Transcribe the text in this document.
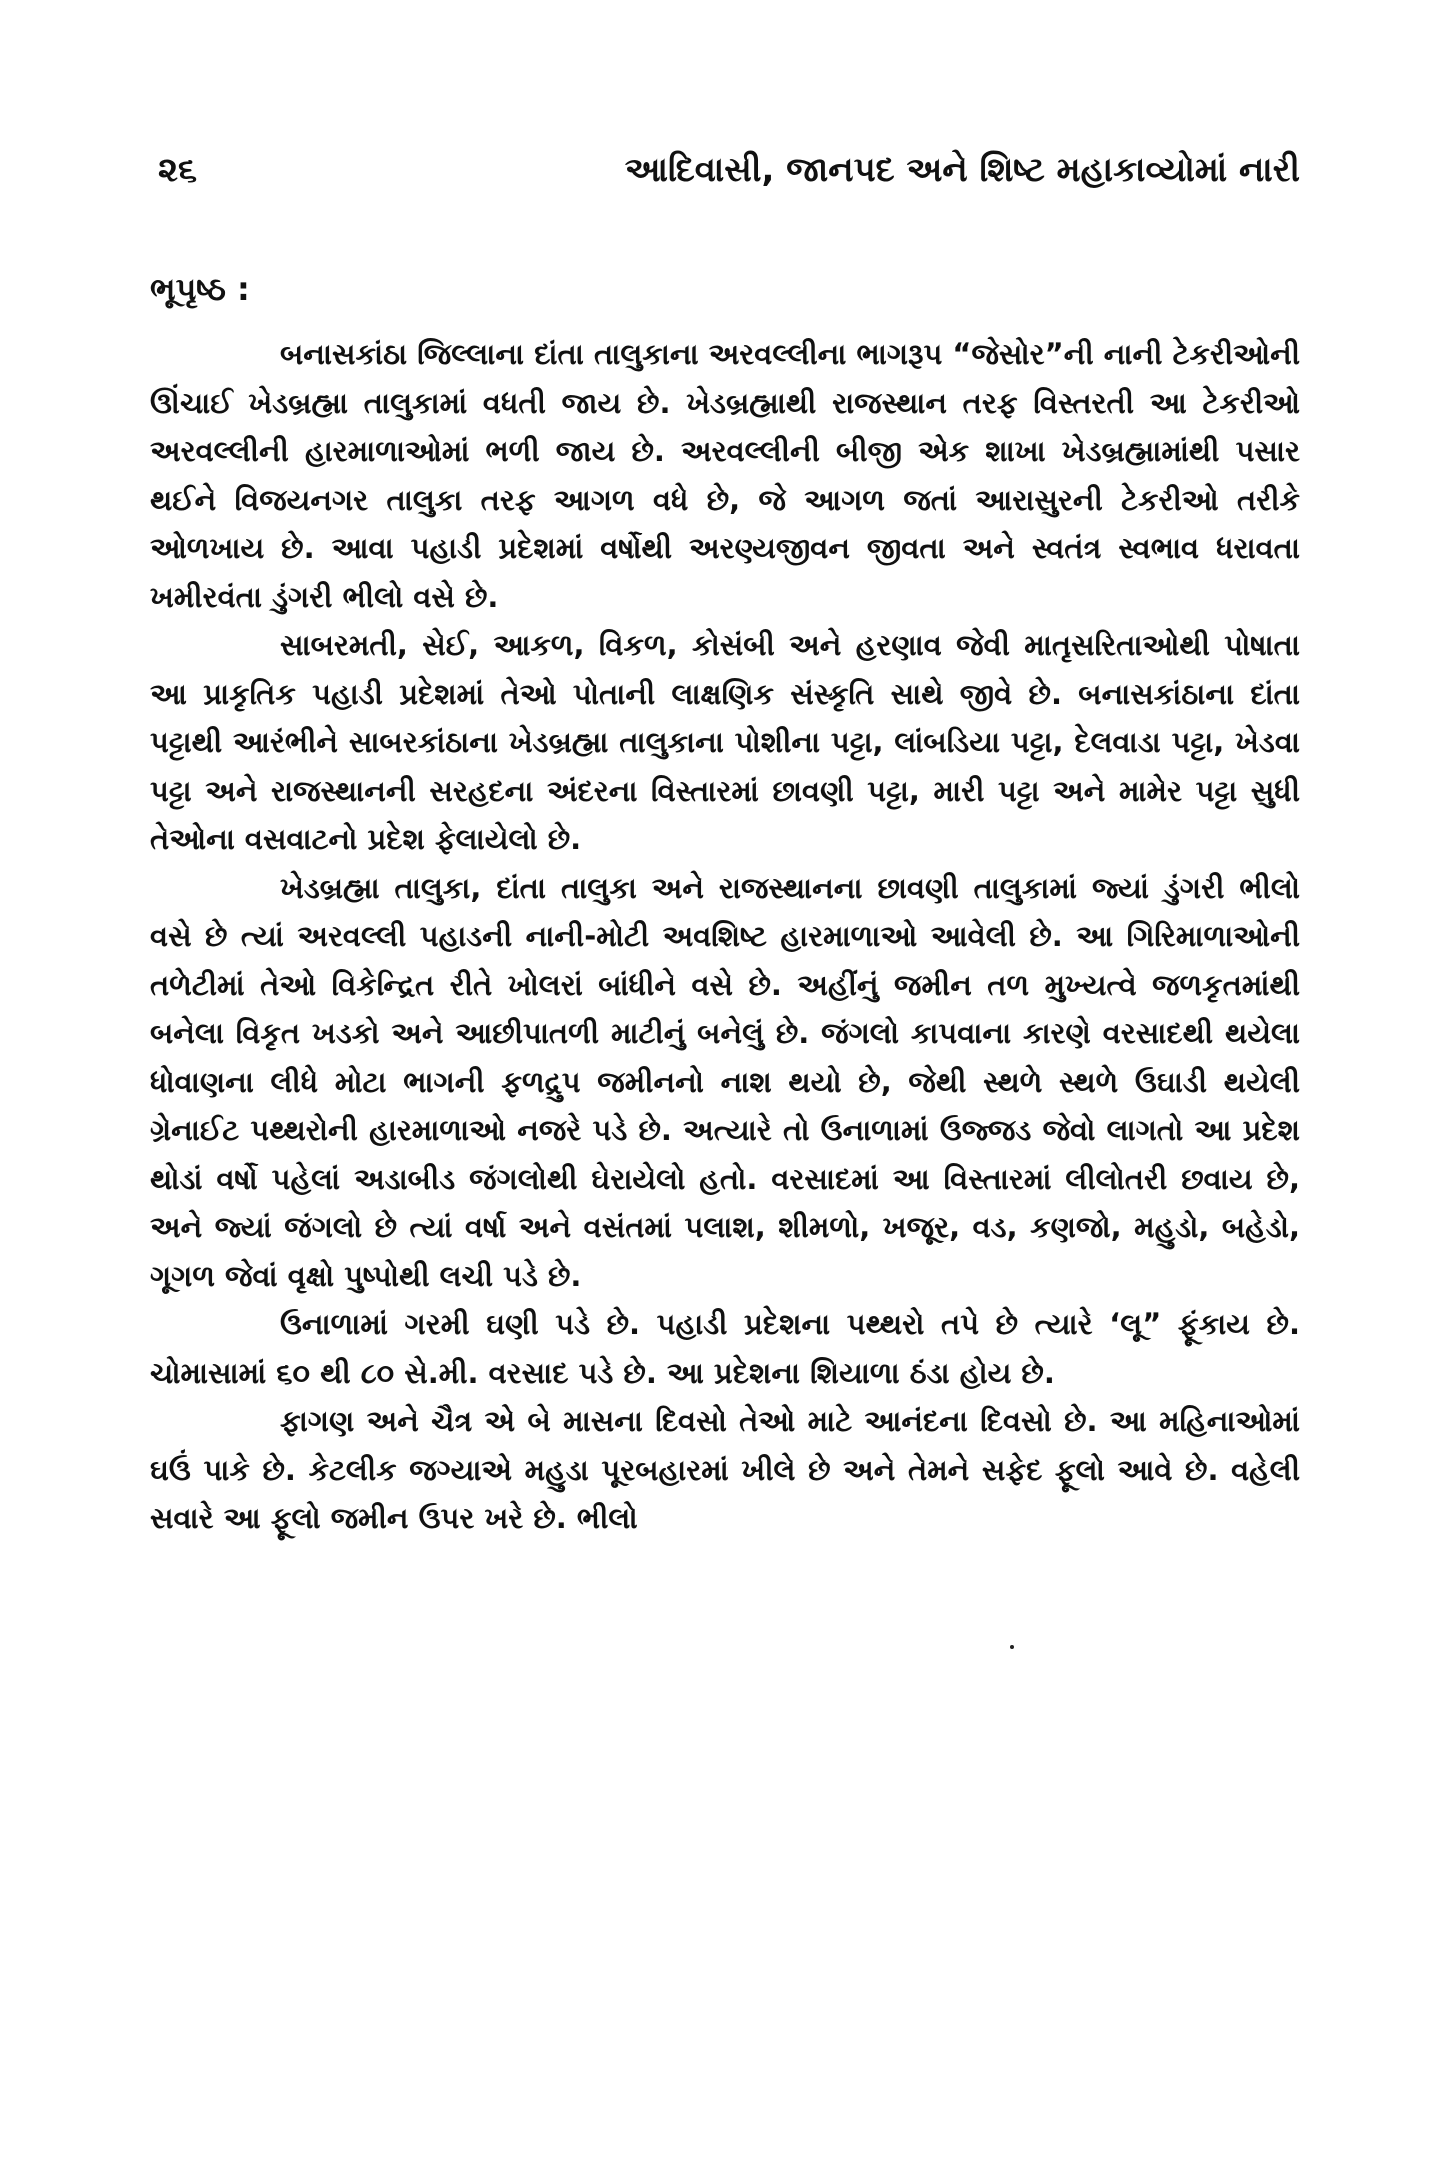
૨૬	આદિવાસી, જાનપદ અને શિષ્ટ મહાકાવ્યોમાં નારી
ભૂપૃષ્ઠ :

બનાસકાંઠા જિલ્લાના દાંતા તાલુકાના અરવલ્લીના ભાગરૂપ “જેસોર”ની નાની ટેકરીઓની ઊંચાઈ ખેડબ્રહ્મા તાલુકામાં વધતી જાય છે. ખેડબ્રહ્માથી રાજસ્થાન તરફ વિસ્તરતી આ ટેકરીઓ અરવલ્લીની હારમાળાઓમાં ભળી જાય છે. અરવલ્લીની બીજી એક શાખા ખેડબ્રહ્મામાંથી પસાર થઈને વિજયનગર તાલુકા તરફ આગળ વધે છે, જે આગળ જતાં આરાસુરની ટેકરીઓ તરીકે ઓળખાય છે. આવા પહાડી પ્રદેશમાં વર્ષોથી અરણ્યજીવન જીવતા અને સ્વતંત્ર સ્વભાવ ધરાવતા ખમીરવંતા ડુંગરી ભીલો વસે છે.

સાબરમતી, સેઈ, આકળ, વિકળ, કોસંબી અને હરણાવ જેવી માતૃસરિતાઓથી પોષાતા આ પ્રાકૃતિક પહાડી પ્રદેશમાં તેઓ પોતાની લાક્ષણિક સંસ્કૃતિ સાથે જીવે છે. બનાસકાંઠાના દાંતા પટ્ટાથી આરંભીને સાબરકાંઠાના ખેડબ્રહ્મા તાલુકાના પોશીના પટ્ટા, લાંબડિયા પટ્ટા, દેલવાડા પટ્ટા, ખેડવા પટ્ટા અને રાજસ્થાનની સરહદના અંદરના વિસ્તારમાં છાવણી પટ્ટા, મારી પટ્ટા અને મામેર પટ્ટા સુધી તેઓના વસવાટનો પ્રદેશ ફેલાયેલો છે.

ખેડબ્રહ્મા તાલુકા, દાંતા તાલુકા અને રાજસ્થાનના છાવણી તાલુકામાં જ્યાં ડુંગરી ભીલો વસે છે ત્યાં અરવલ્લી પહાડની નાની-મોટી અવશિષ્ટ હારમાળાઓ આવેલી છે. આ ગિરિમાળાઓની તળેટીમાં તેઓ વિકેન્દ્રિત રીતે ખોલરાં બાંધીને વસે છે. અહીંનું જમીન તળ મુખ્યત્વે જળકૃતમાંથી બનેલા વિકૃત ખડકો અને આછીપાતળી માટીનું બનેલું છે. જંગલો કાપવાના કારણે વરસાદથી થયેલા ધોવાણના લીધે મોટા ભાગની ફળદ્રુપ જમીનનો નાશ થયો છે, જેથી સ્થળે સ્થળે ઉઘાડી થયેલી ગ્રેનાઈટ પથ્થરોની હારમાળાઓ નજરે પડે છે. અત્યારે તો ઉનાળામાં ઉજ્જડ જેવો લાગતો આ પ્રદેશ થોડાં વર્ષો પહેલાં અડાબીડ જંગલોથી ઘેરાયેલો હતો. વરસાદમાં આ વિસ્તારમાં લીલોતરી છવાય છે, અને જ્યાં જંગલો છે ત્યાં વર્ષા અને વસંતમાં પલાશ, શીમળો, ખજૂર, વડ, કણજો, મહુડો, બહેડો, ગૂગળ જેવાં વૃક્ષો પુષ્પોથી લચી પડે છે.

ઉનાળામાં ગરમી ઘણી પડે છે. પહાડી પ્રદેશના પથ્થરો તપે છે ત્યારે ‘લૂ” ફૂંકાય છે. ચોમાસામાં ૬૦ થી ૮૦ સે.મી. વરસાદ પડે છે. આ પ્રદેશના શિયાળા ઠંડા હોય છે.

ફાગણ અને ચૈત્ર એ બે માસના દિવસો તેઓ માટે આનંદના દિવસો છે. આ મહિનાઓમાં ઘઉં પાકે છે. કેટલીક જગ્યાએ મહુડા પૂરબહારમાં ખીલે છે અને તેમને સફેદ ફૂલો આવે છે. વહેલી સવારે આ ફૂલો જમીન ઉપર ખરે છે. ભીલો
